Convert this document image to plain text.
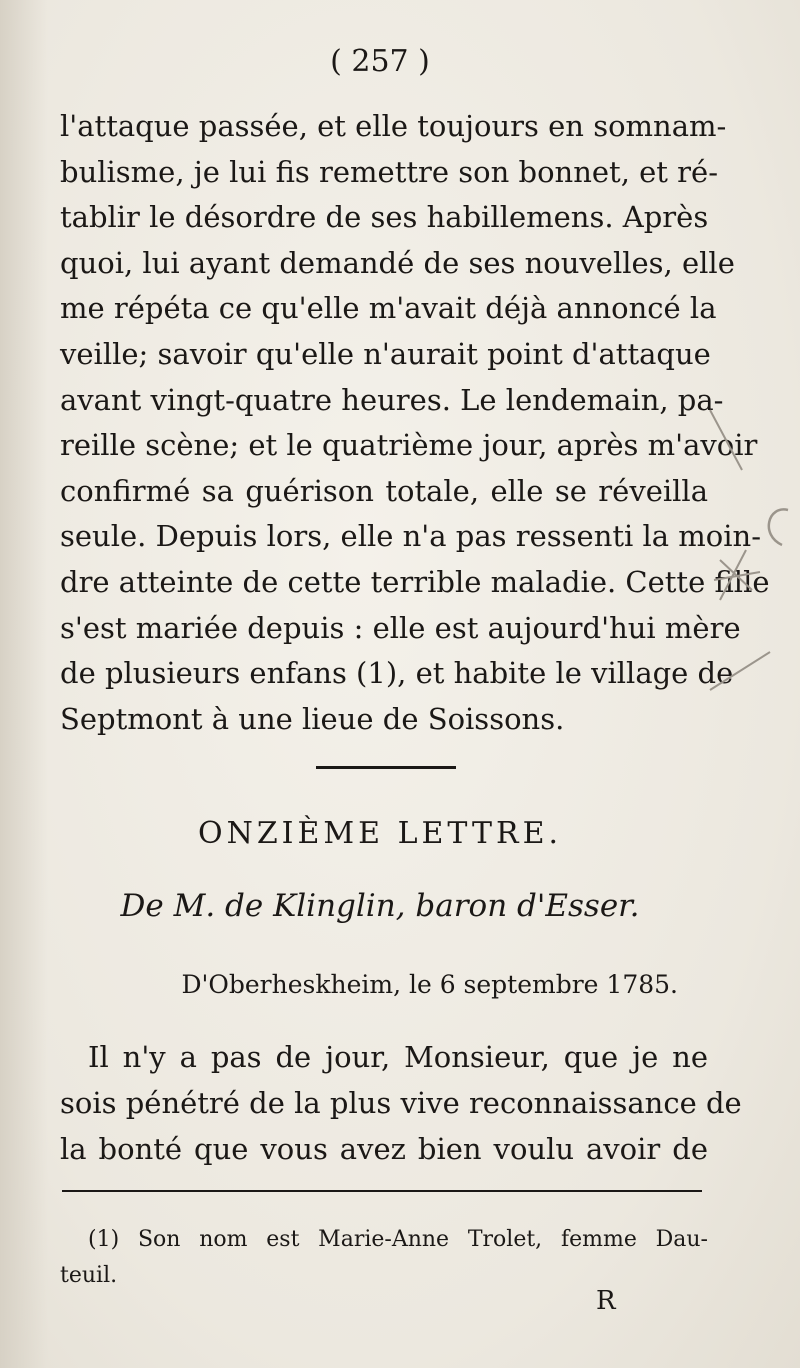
( 257 )
l'attaque passée, et elle toujours en somnam-
bulisme, je lui fis remettre son bonnet, et ré-
tablir le désordre de ses habillemens. Après
quoi, lui ayant demandé de ses nouvelles, elle
me répéta ce qu'elle m'avait déjà annoncé la
veille; savoir qu'elle n'aurait point d'attaque
avant vingt-quatre heures. Le lendemain, pa-
reille scène; et le quatrième jour, après m'avoir
confirmé sa guérison totale, elle se réveilla
seule. Depuis lors, elle n'a pas ressenti la moin-
dre atteinte de cette terrible maladie. Cette fille
s'est mariée depuis : elle est aujourd'hui mère
de plusieurs enfans (1), et habite le village de
Septmont à une lieue de Soissons.
ONZIÈME LETTRE.
De M. de Klinglin, baron d'Esser.
D'Oberheskheim, le 6 septembre 1785.
Il n'y a pas de jour, Monsieur, que je ne
sois pénétré de la plus vive reconnaissance de
la bonté que vous avez bien voulu avoir de
(1) Son nom est Marie-Anne Trolet, femme Dau-
teuil.
R
